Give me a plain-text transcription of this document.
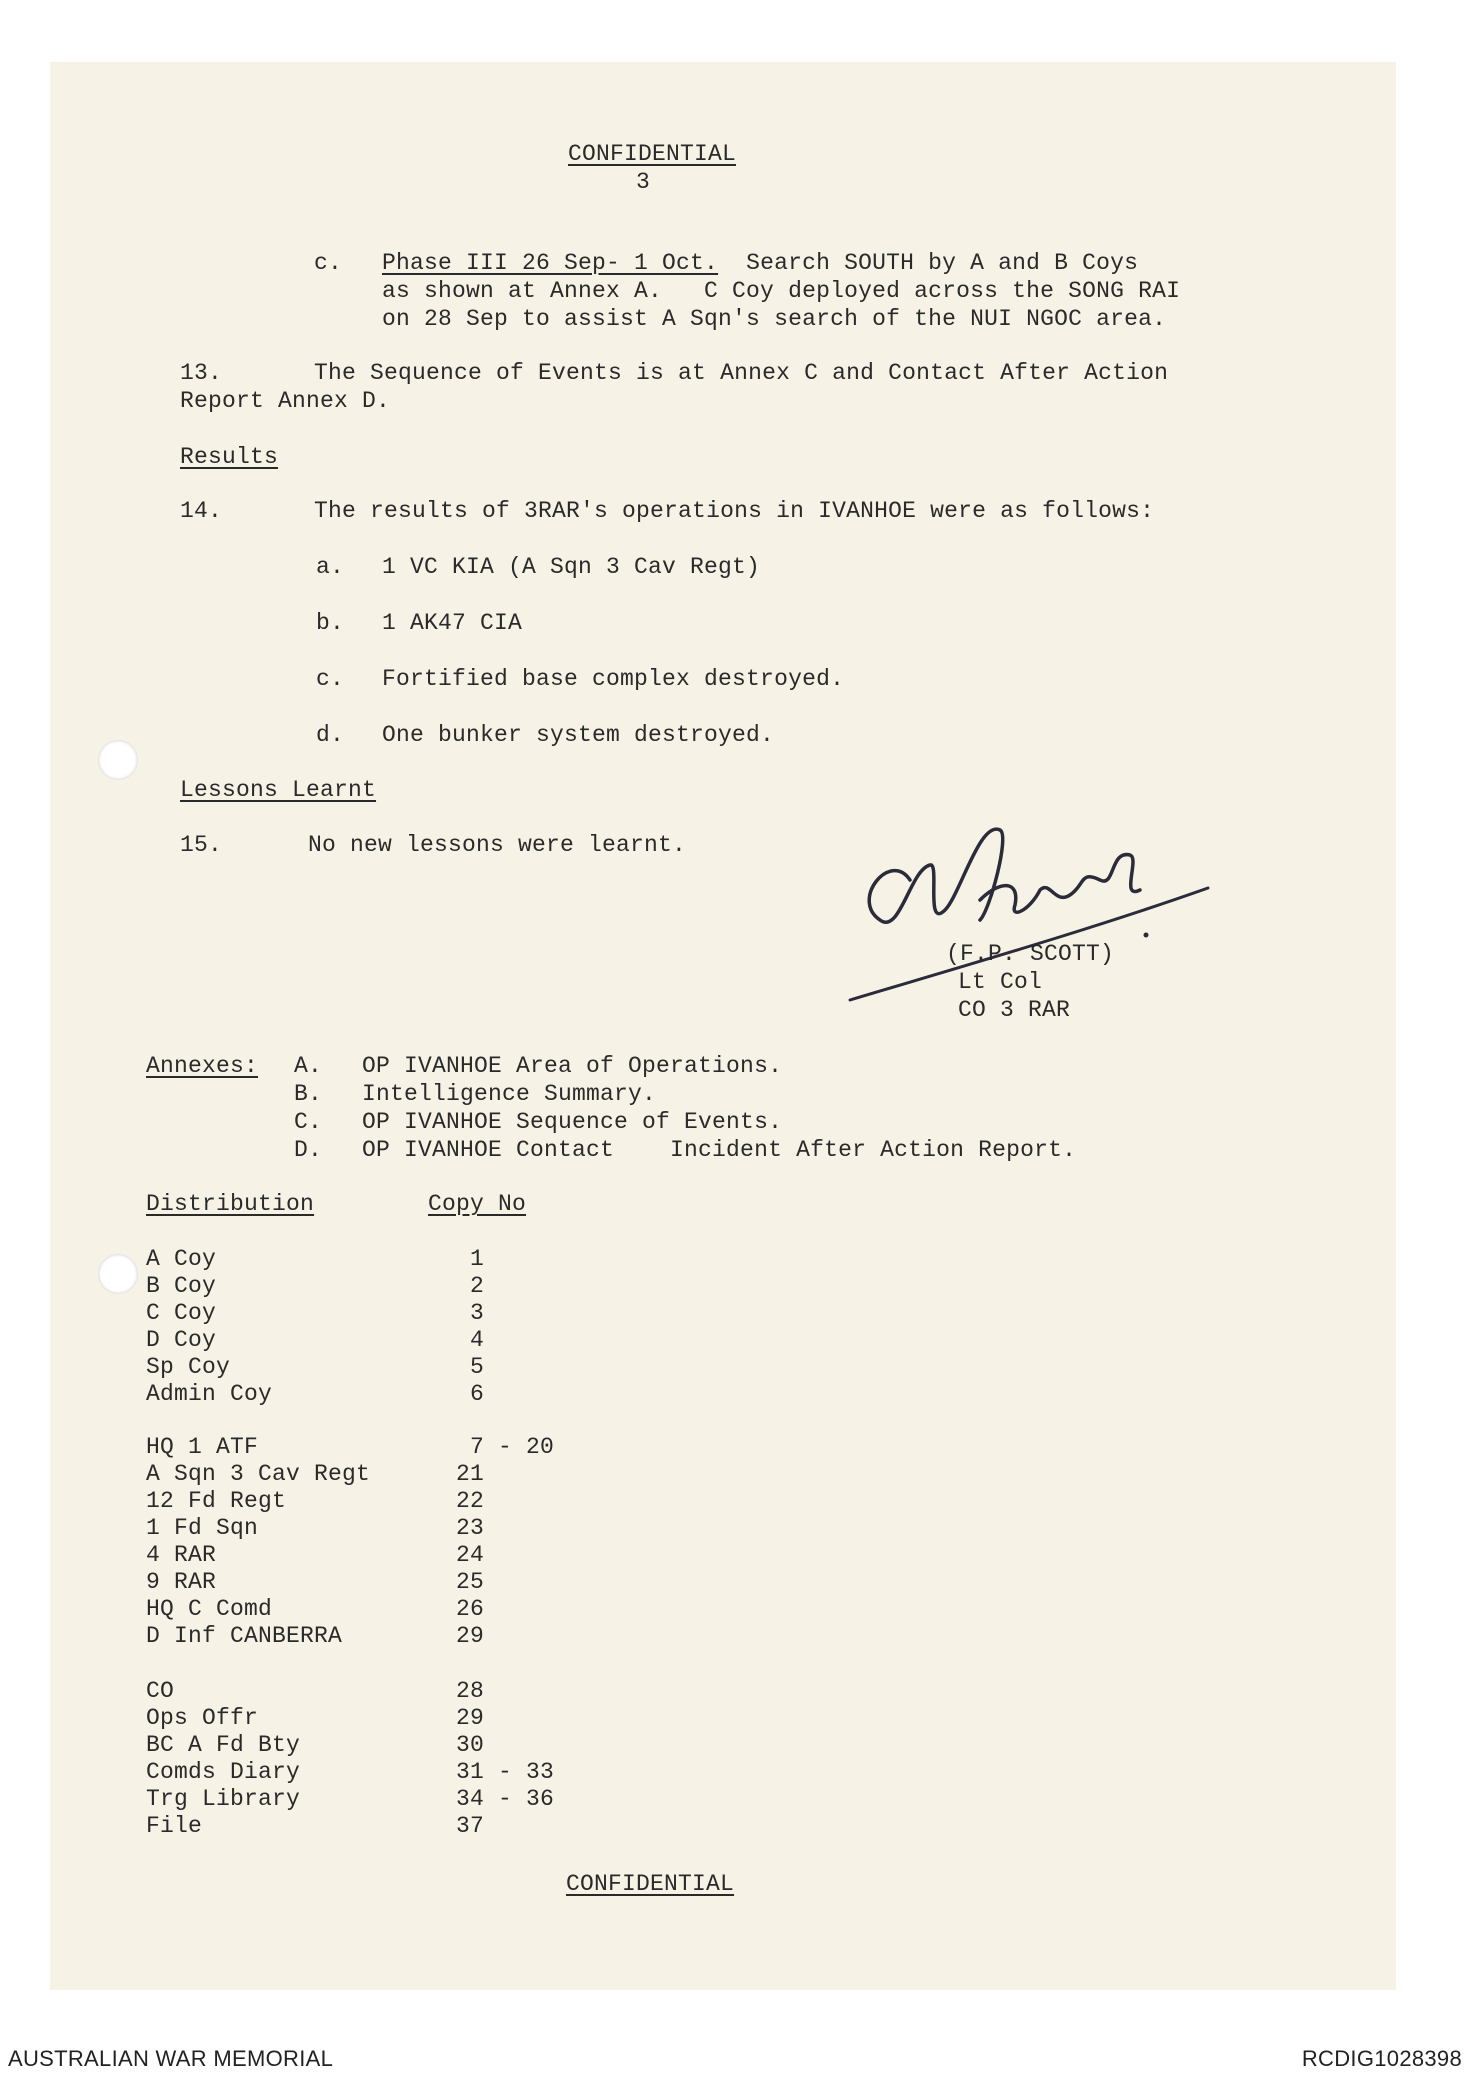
CONFIDENTIAL
3
c. Phase III 26 Sep- 1 Oct.  Search SOUTH by A and B Coys
as shown at Annex A.   C Coy deployed across the SONG RAI
on 28 Sep to assist A Sqn's search of the NUI NGOC area.
13.	The Sequence of Events is at Annex C and Contact After Action
Report Annex D.
Results
14.	The results of 3RAR's operations in IVANHOE were as follows:
a. 1 VC KIA (A Sqn 3 Cav Regt)
b. 1 AK47 CIA
c. Fortified base complex destroyed.
d. One bunker system destroyed.
Lessons Learnt
15.	No new lessons were learnt.
(F.P. SCOTT)
Lt Col
CO 3 RAR
Annexes: A. OP IVANHOE Area of Operations.
B. Intelligence Summary.
C. OP IVANHOE Sequence of Events.
D. OP IVANHOE Contact    Incident After Action Report.
Distribution	Copy No
A Coy	1
B Coy	2
C Coy	3
D Coy	4
Sp Coy	5
Admin Coy	6
HQ 1 ATF	7 - 20
A Sqn 3 Cav Regt	21
12 Fd Regt	22
1 Fd Sqn	23
4 RAR	24
9 RAR	25
HQ C Comd	26
D Inf CANBERRA	29
CO	28
Ops Offr	29
BC A Fd Bty	30
Comds Diary	31 - 33
Trg Library	34 - 36
File	37
CONFIDENTIAL
AUSTRALIAN WAR MEMORIAL	RCDIG1028398
